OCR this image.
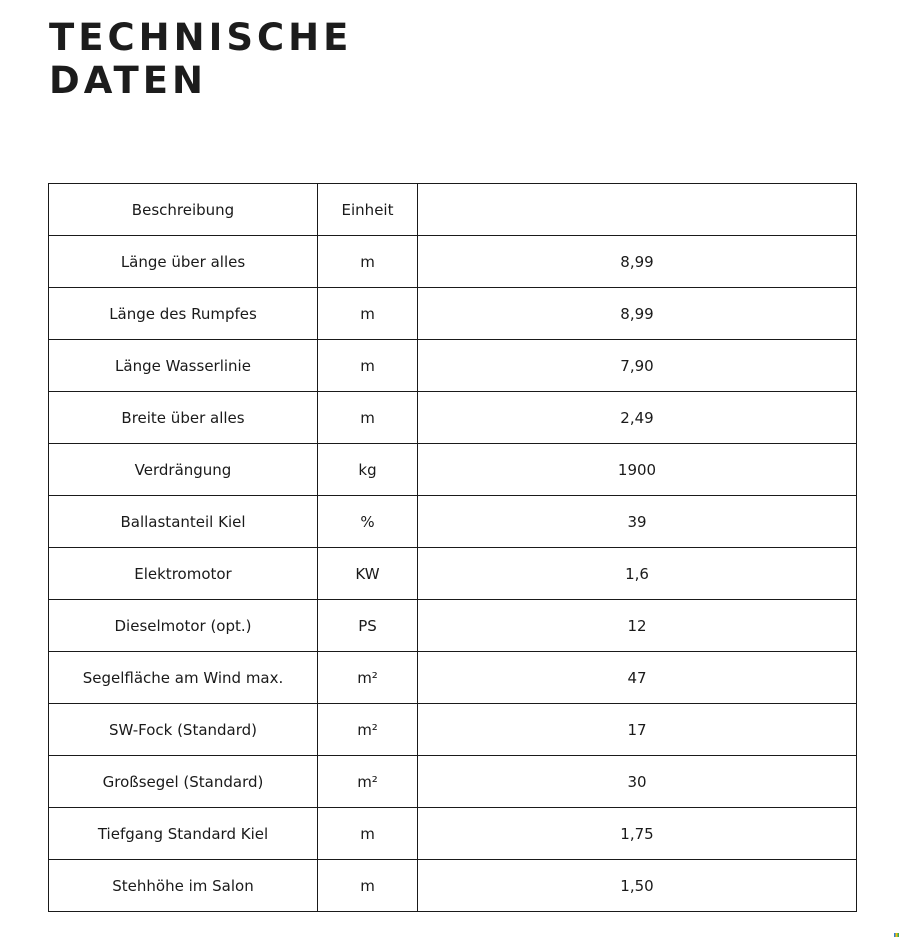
TECHNISCHE
DATEN
Beschreibung	Einheit	
Länge über alles	m	8,99
Länge des Rumpfes	m	8,99
Länge Wasserlinie	m	7,90
Breite über alles	m	2,49
Verdrängung	kg	1900
Ballastanteil Kiel	%	39
Elektromotor	KW	1,6
Dieselmotor (opt.)	PS	12
Segelfläche am Wind max.	m²	47
SW-Fock (Standard)	m²	17
Großsegel (Standard)	m²	30
Tiefgang Standard Kiel	m	1,75
Stehhöhe im Salon	m	1,50
